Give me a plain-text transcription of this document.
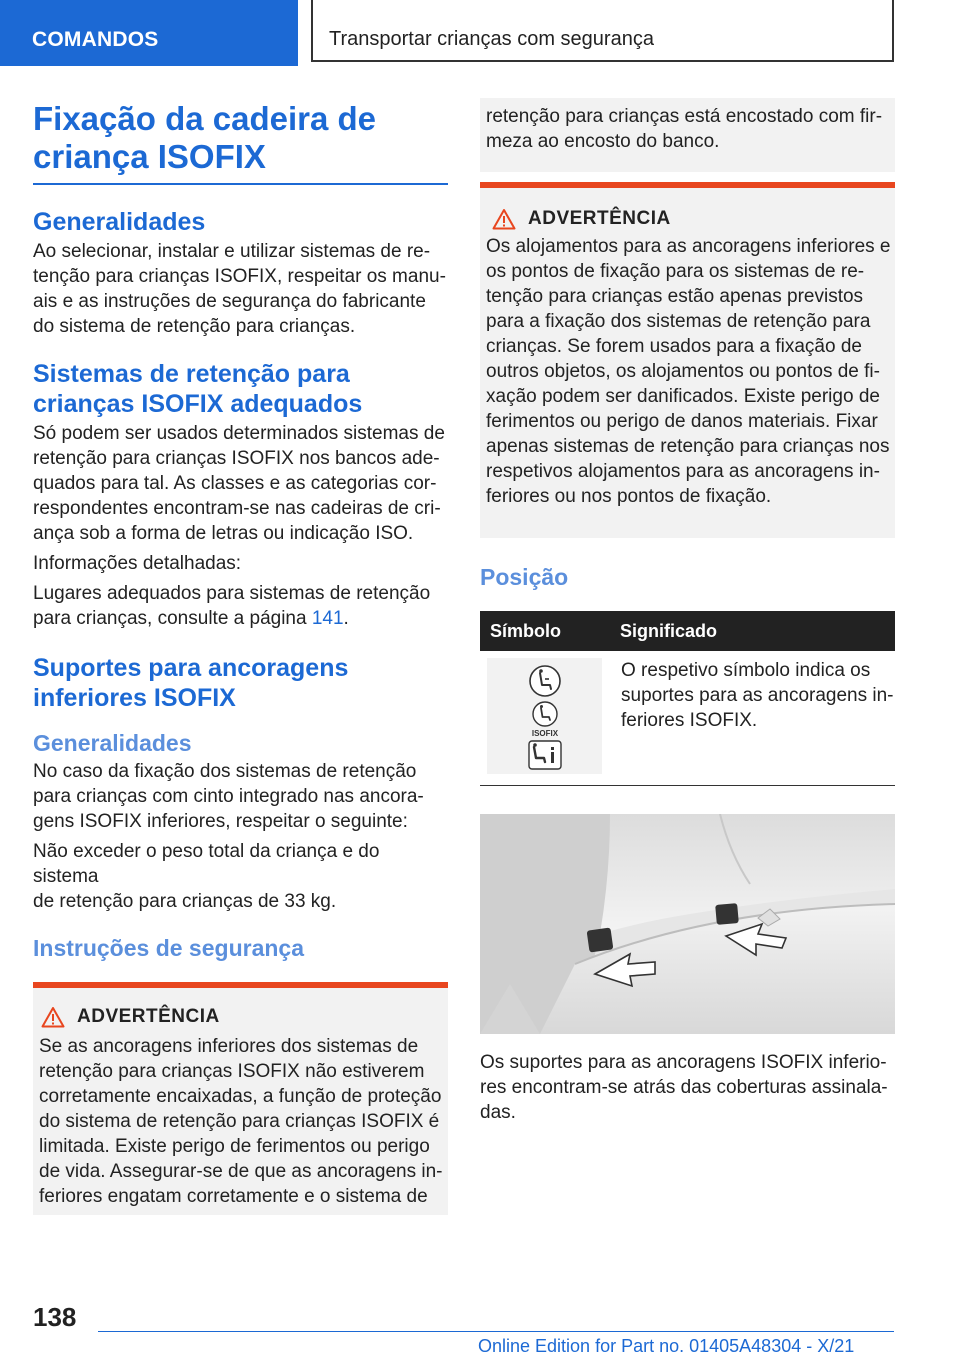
COMANDOS	Transportar crianças com segurança
Fixação da cadeira de
criança ISOFIX
Generalidades

Ao selecionar, instalar e utilizar sistemas de re-

tenção para crianças ISOFIX, respeitar os manu-

ais e as instruções de segurança do fabricante

do sistema de retenção para crianças.

Sistemas de retenção para
crianças ISOFIX adequados

Só podem ser usados determinados sistemas de

retenção para crianças ISOFIX nos bancos ade-

quados para tal. As classes e as categorias cor-

respondentes encontram-se nas cadeiras de cri-

ança sob a forma de letras ou indicação ISO.

Informações detalhadas:

Lugares adequados para sistemas de retenção

para crianças, consulte a página 141.

Suportes para ancoragens
inferiores ISOFIX
Generalidades

No caso da fixação dos sistemas de retenção

para crianças com cinto integrado nas ancora-

gens ISOFIX inferiores, respeitar o seguinte:

Não exceder o peso total da criança e do sistema

de retenção para crianças de 33 kg.

Instruções de segurança
ADVERTÊNCIA

Se as ancoragens inferiores dos sistemas de

retenção para crianças ISOFIX não estiverem

corretamente encaixadas, a função de proteção

do sistema de retenção para crianças ISOFIX é

limitada. Existe perigo de ferimentos ou perigo

de vida. Assegurar-se de que as ancoragens in-

feriores engatam corretamente e o sistema de

retenção para crianças está encostado com fir-

meza ao encosto do banco.

ADVERTÊNCIA

Os alojamentos para as ancoragens inferiores e

os pontos de fixação para os sistemas de re-

tenção para crianças estão apenas previstos

para a fixação dos sistemas de retenção para

crianças. Se forem usados para a fixação de

outros objetos, os alojamentos ou pontos de fi-

xação podem ser danificados. Existe perigo de

ferimentos ou perigo de danos materiais. Fixar

apenas sistemas de retenção para crianças nos

respetivos alojamentos para as ancoragens in-

feriores ou nos pontos de fixação.

Posição
Símbolo	Significado

ISOFIX	O respetivo símbolo indica os

suportes para as ancoragens in-

feriores ISOFIX.

Os suportes para as ancoragens ISOFIX inferio-

res encontram-se atrás das coberturas assinala-

das.

138
Online Edition for Part no. 01405A48304 - X/21
